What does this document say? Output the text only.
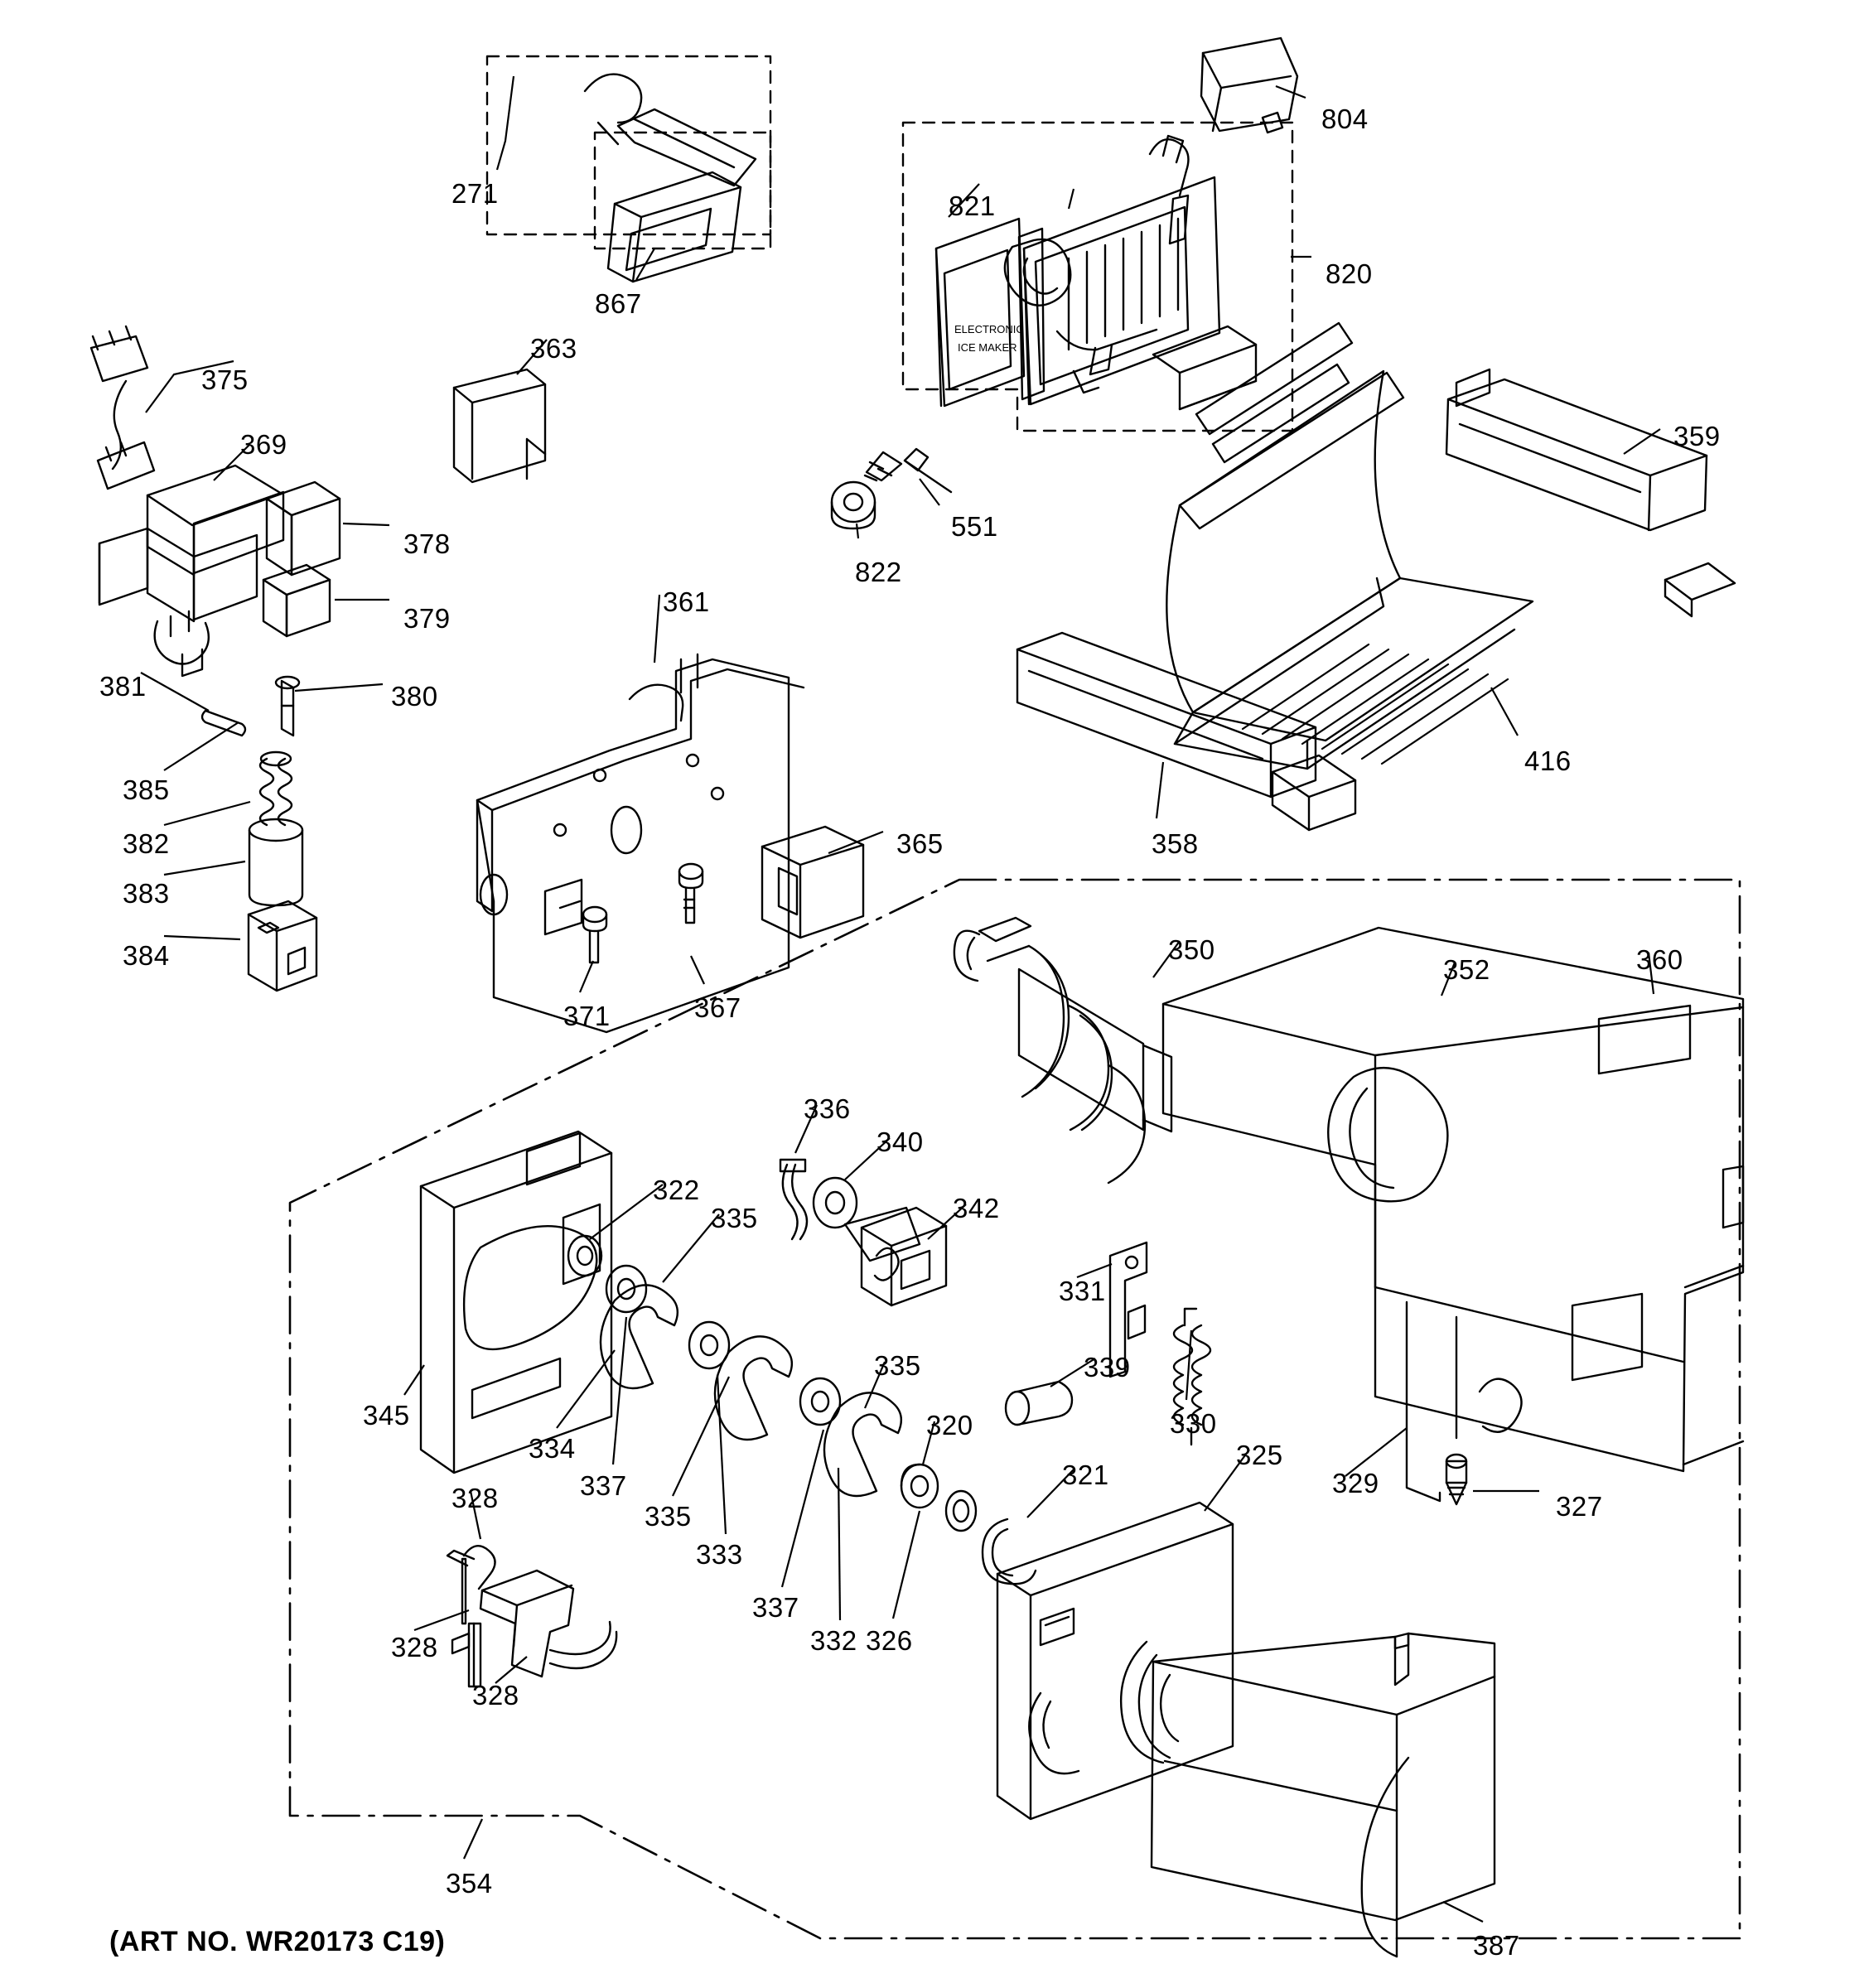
ELECTRONIC
ICE MAKER
271
867
804
821
820
375
363
369
378
379
551
822
359
416
358
361
381	380
385
382
383
384
365
371	367
350
352	360
336
340
342
322
335
331
345
334
337
335
333
335
337
332
320
326
339
330
321
325
329
327
328
328
328
354
387
(ART NO. WR20173 C19)
